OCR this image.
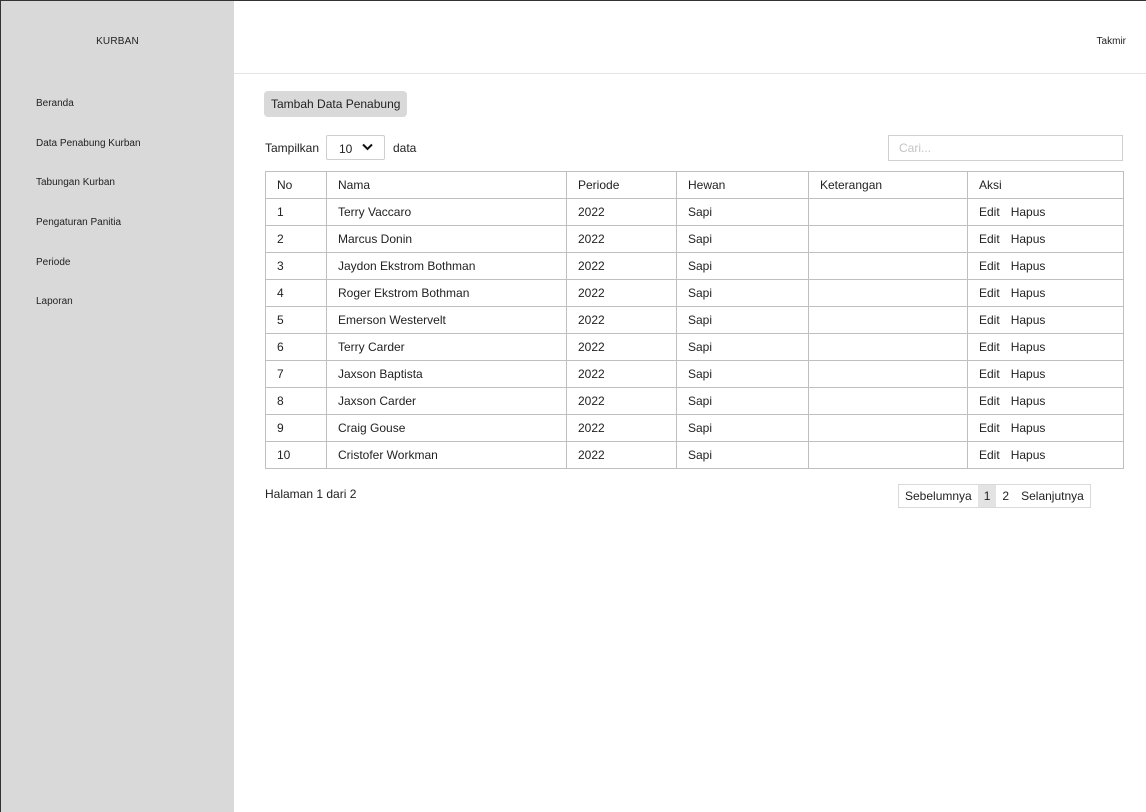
KURBAN
Beranda
Data Penabung Kurban
Tabungan Kurban
Pengaturan Panitia
Periode
Laporan
Takmir
Tambah Data Penabung
Tampilkan 10	data
Cari...
No	Nama	Periode	Hewan	Keterangan	Aksi
1	Terry Vaccaro	2022	Sapi		Edit Hapus
2	Marcus Donin	2022	Sapi		Edit Hapus
3	Jaydon Ekstrom Bothman	2022	Sapi		Edit Hapus
4	Roger Ekstrom Bothman	2022	Sapi		Edit Hapus
5	Emerson Westervelt	2022	Sapi		Edit Hapus
6	Terry Carder	2022	Sapi		Edit Hapus
7	Jaxson Baptista	2022	Sapi		Edit Hapus
8	Jaxson Carder	2022	Sapi		Edit Hapus
9	Craig Gouse	2022	Sapi		Edit Hapus
10	Cristofer Workman	2022	Sapi		Edit Hapus
Halaman 1 dari 2	Sebelumnya	1	2	Selanjutnya
